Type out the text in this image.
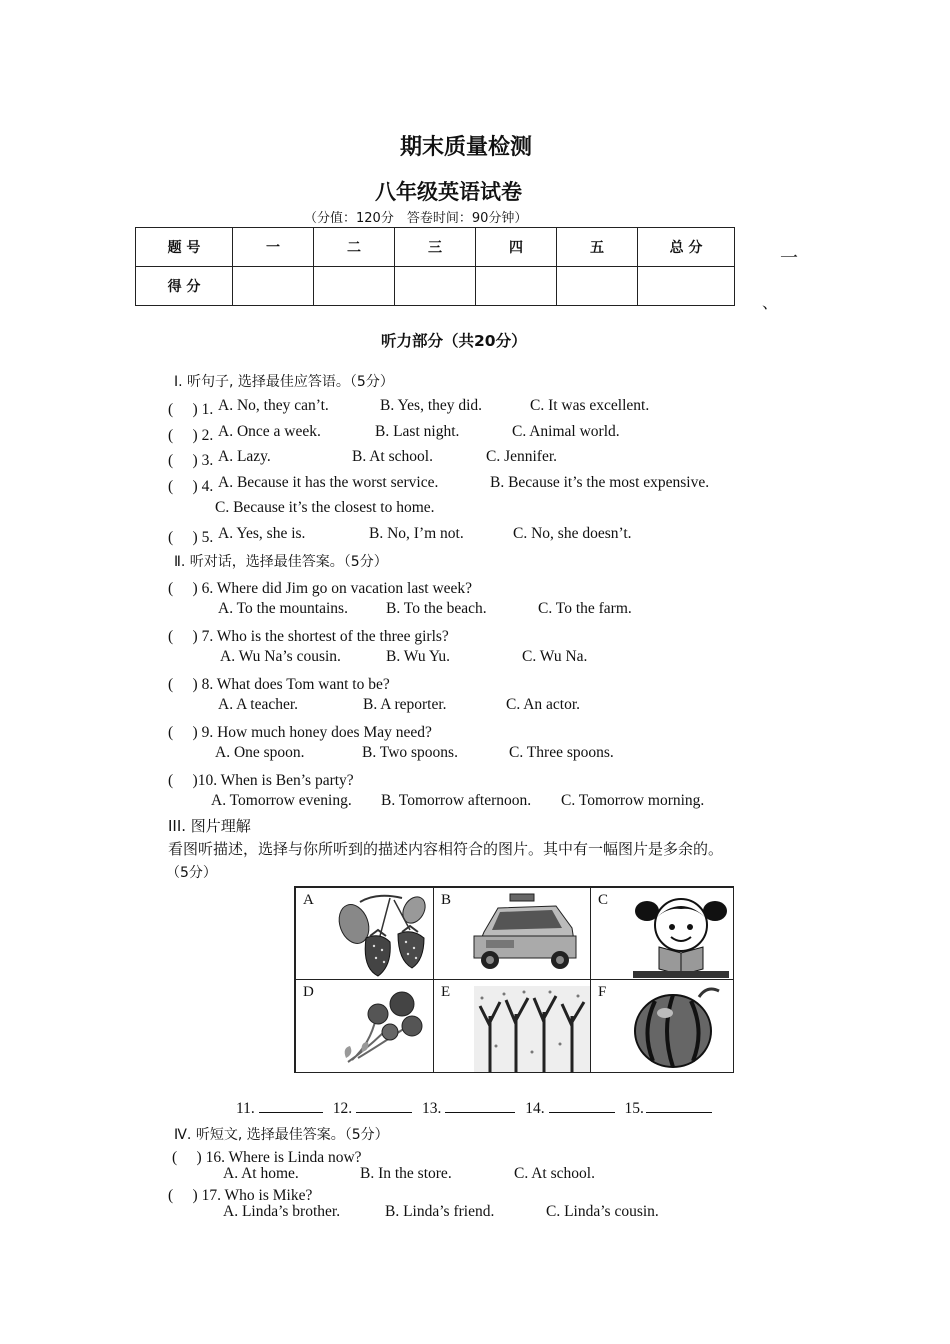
期末质量检测
八年级英语试卷
（分值：120分　答卷时间：90分钟）
题 号	一	二	三	四	五	总 分
得 分						
一
、
听力部分（共20分）
Ⅰ. 听句子, 选择最佳应答语。（5分）
(　 ) 1. A. No, they can’t.	B. Yes, they did.	C. It was excellent.
(　 ) 2. A. Once a week.	B. Last night.	C. Animal world.
(　 ) 3. A. Lazy.	B. At school.	C. Jennifer.
(　 ) 4. A. Because it has the worst service.	B. Because it’s the most expensive.
C. Because it’s the closest to home.
(　 ) 5. A. Yes, she is.	B. No, I’m not.	C. No, she doesn’t.
Ⅱ. 听对话，选择最佳答案。（5分）
(　 ) 6. Where did Jim go on vacation last week?
A. To the mountains. B. To the beach.	C. To the farm.
(　 ) 7. Who is the shortest of the three girls?
A. Wu Na’s cousin.	B. Wu Yu.	C. Wu Na.
(　 ) 8. What does Tom want to be?
A. A teacher.	B. A reporter.	C. An actor.
(　 ) 9. How much honey does May need?
A. One spoon.	B. Two spoons.	C. Three spoons.
(　 )10. When is Ben’s party?
A. Tomorrow evening. B. Tomorrow afternoon. C. Tomorrow morning.
III. 图片理解
看图听描述，选择与你所听到的描述内容相符合的图片。其中有一幅图片是多余的。
（5分）
A	B	C
D	E	F
11.	12.	13.	14.	15.
Ⅳ. 听短文, 选择最佳答案。（5分）
(　 ) 16. Where is Linda now?
A. At home.	B. In the store.	C. At school.
(　 ) 17. Who is Mike?
A. Linda’s brother.	B. Linda’s friend.	C. Linda’s cousin.
